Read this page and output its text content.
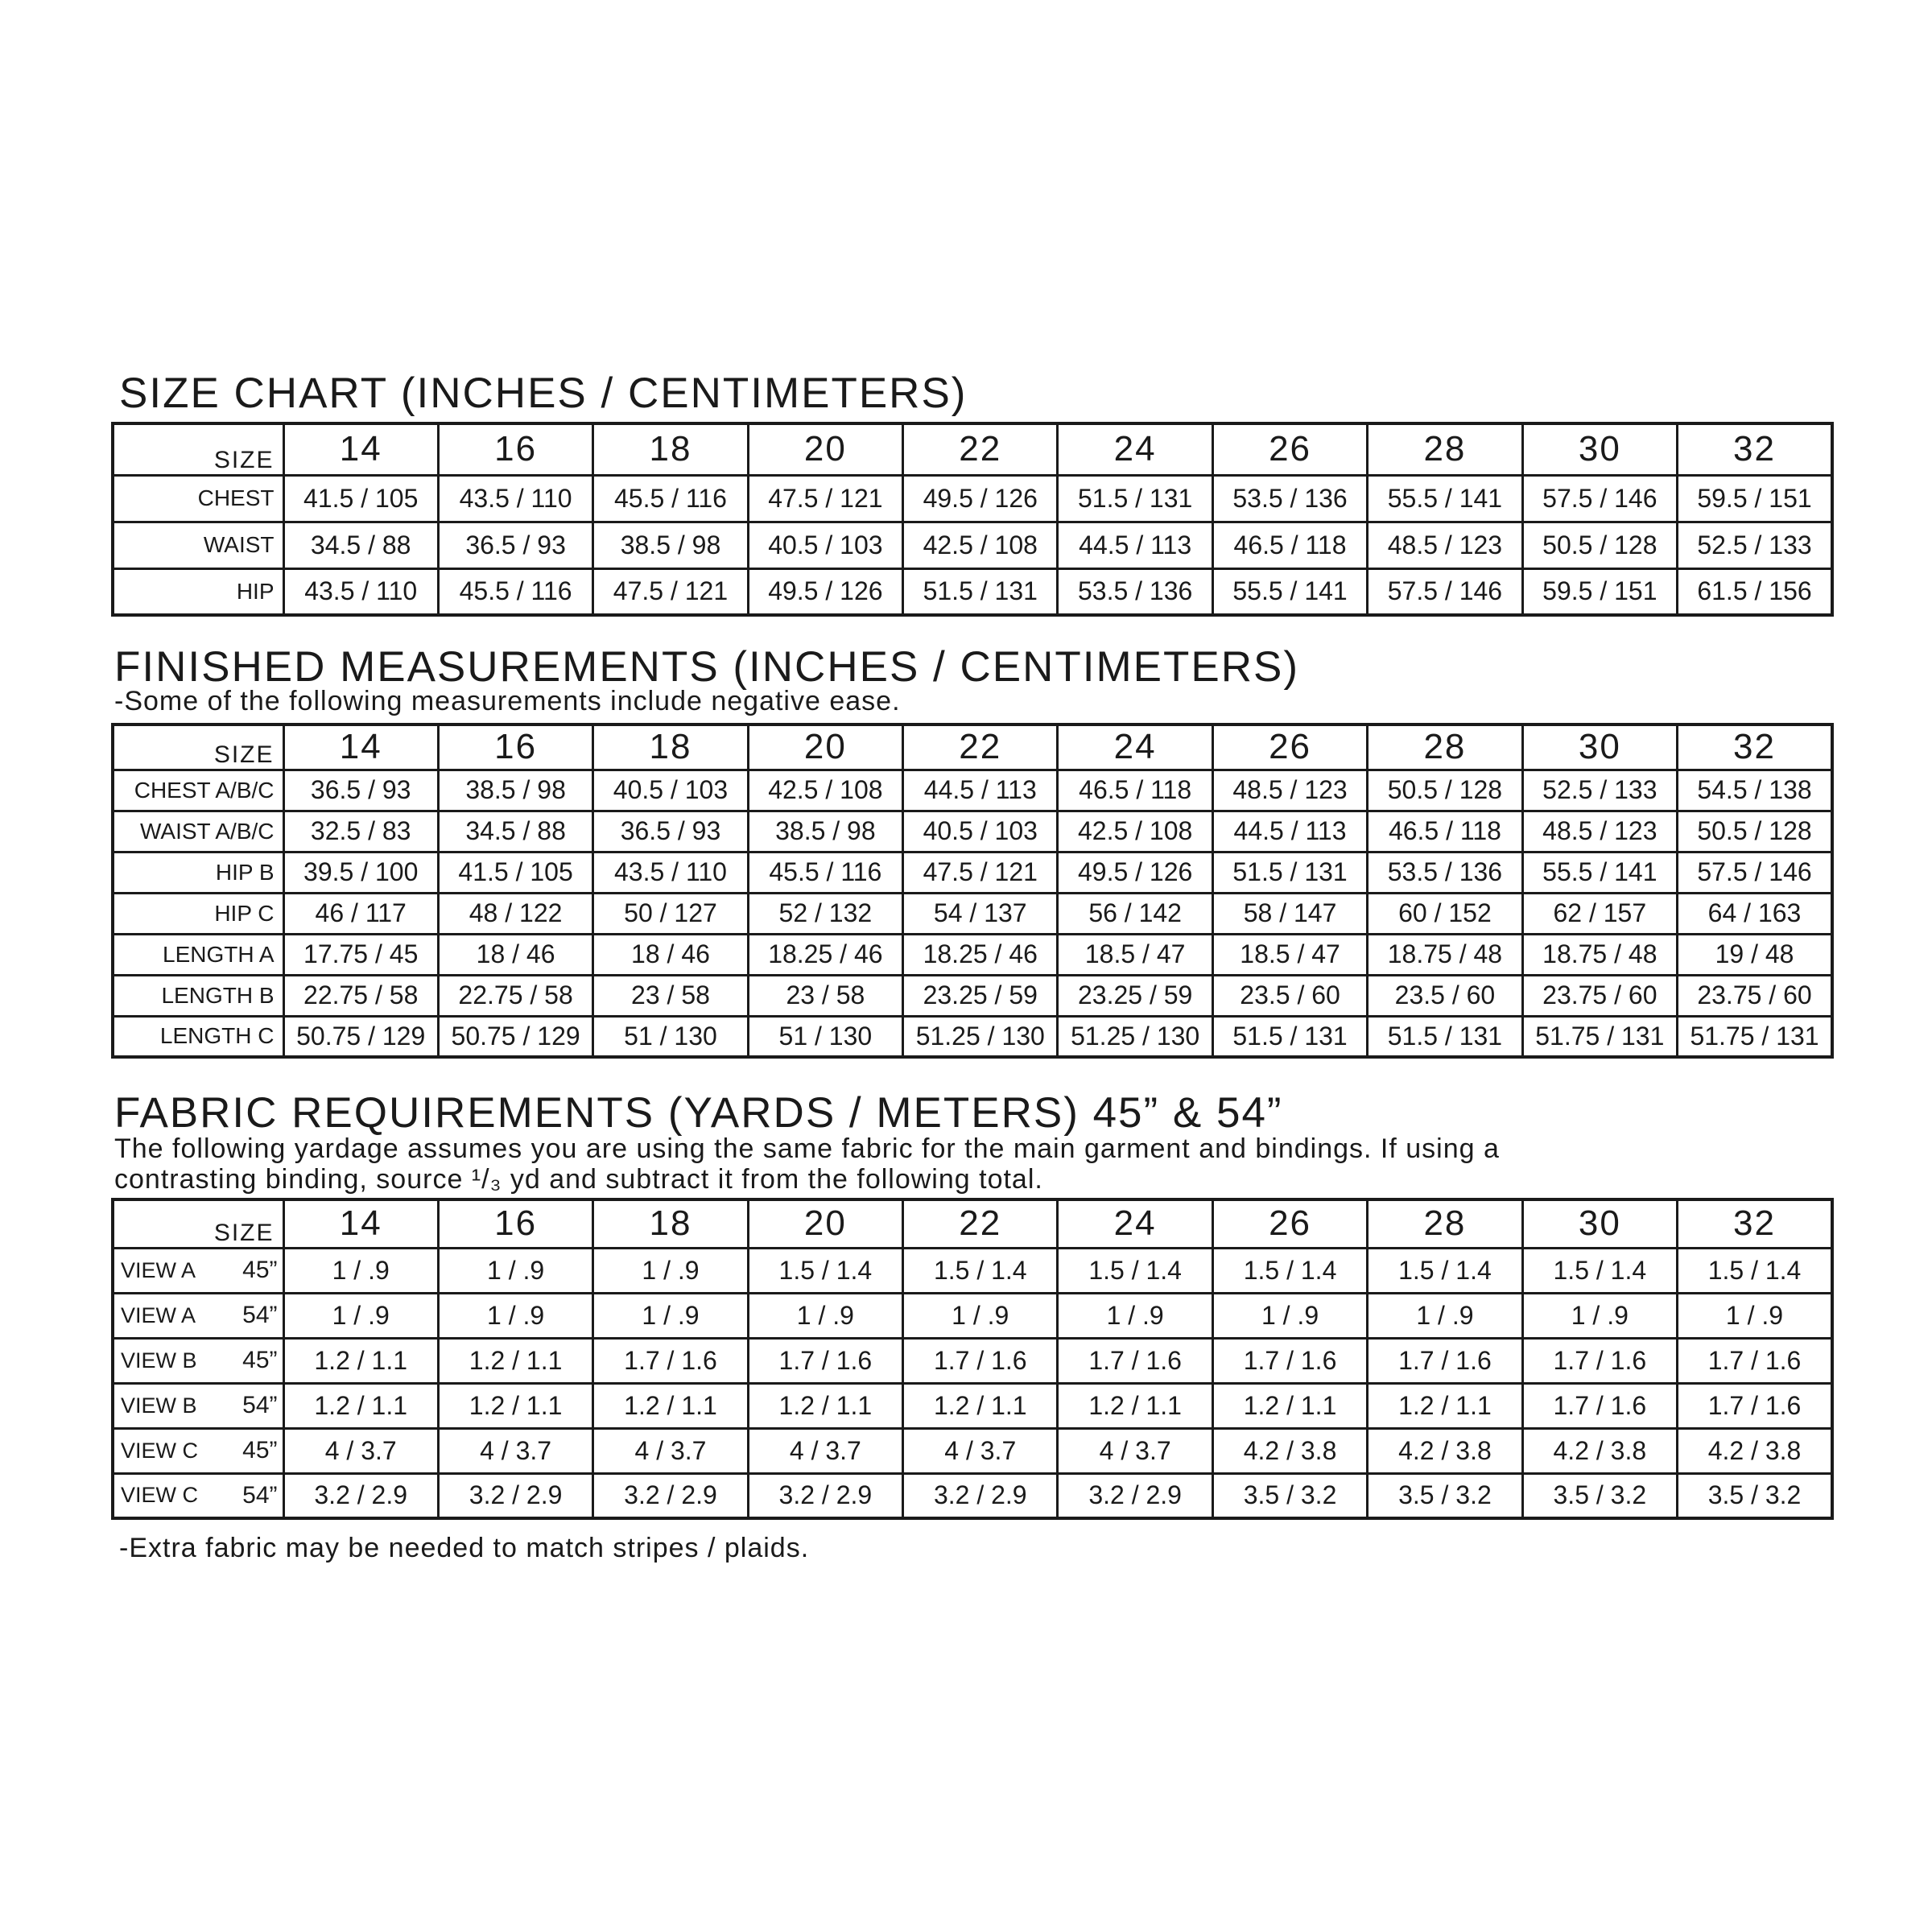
SIZE CHART (INCHES / CENTIMETERS)
SIZE	14	16	18	20	22	24	26	28	30	32
CHEST	41.5 / 105	43.5 / 110	45.5 / 116	47.5 / 121	49.5 / 126	51.5 / 131	53.5 / 136	55.5 / 141	57.5 / 146	59.5 / 151
WAIST	34.5 / 88	36.5 / 93	38.5 / 98	40.5 / 103	42.5 / 108	44.5 / 113	46.5 / 118	48.5 / 123	50.5 / 128	52.5 / 133
HIP	43.5 / 110	45.5 / 116	47.5 / 121	49.5 / 126	51.5 / 131	53.5 / 136	55.5 / 141	57.5 / 146	59.5 / 151	61.5 / 156
FINISHED MEASUREMENTS (INCHES / CENTIMETERS)

-Some of the following measurements include negative ease.

SIZE	14	16	18	20	22	24	26	28	30	32
CHEST A/B/C	36.5 / 93	38.5 / 98	40.5 / 103	42.5 / 108	44.5 / 113	46.5 / 118	48.5 / 123	50.5 / 128	52.5 / 133	54.5 / 138
WAIST A/B/C	32.5 / 83	34.5 / 88	36.5 / 93	38.5 / 98	40.5 / 103	42.5 / 108	44.5 / 113	46.5 / 118	48.5 / 123	50.5 / 128
HIP B	39.5 / 100	41.5 / 105	43.5 / 110	45.5 / 116	47.5 / 121	49.5 / 126	51.5 / 131	53.5 / 136	55.5 / 141	57.5 / 146
HIP C	46 / 117	48 / 122	50 / 127	52 / 132	54 / 137	56 / 142	58 / 147	60 / 152	62 / 157	64 / 163
LENGTH A	17.75 / 45	18 / 46	18 / 46	18.25 / 46	18.25 / 46	18.5 / 47	18.5 / 47	18.75 / 48	18.75 / 48	19 / 48
LENGTH B	22.75 / 58	22.75 / 58	23 / 58	23 / 58	23.25 / 59	23.25 / 59	23.5 / 60	23.5 / 60	23.75 / 60	23.75 / 60
LENGTH C	50.75 / 129	50.75 / 129	51 / 130	51 / 130	51.25 / 130	51.25 / 130	51.5 / 131	51.5 / 131	51.75 / 131	51.75 / 131
FABRIC REQUIREMENTS (YARDS / METERS) 45” & 54”

The following yardage assumes you are using the same fabric for the main garment and bindings. If using a

contrasting binding, source ¹/₃ yd and subtract it from the following total.

SIZE	14	16	18	20	22	24	26	28	30	32
VIEW A 45”	1 / .9	1 / .9	1 / .9	1.5 / 1.4	1.5 / 1.4	1.5 / 1.4	1.5 / 1.4	1.5 / 1.4	1.5 / 1.4	1.5 / 1.4
VIEW A 54”	1 / .9	1 / .9	1 / .9	1 / .9	1 / .9	1 / .9	1 / .9	1 / .9	1 / .9	1 / .9
VIEW B 45”	1.2 / 1.1	1.2 / 1.1	1.7 / 1.6	1.7 / 1.6	1.7 / 1.6	1.7 / 1.6	1.7 / 1.6	1.7 / 1.6	1.7 / 1.6	1.7 / 1.6
VIEW B 54”	1.2 / 1.1	1.2 / 1.1	1.2 / 1.1	1.2 / 1.1	1.2 / 1.1	1.2 / 1.1	1.2 / 1.1	1.2 / 1.1	1.7 / 1.6	1.7 / 1.6
VIEW C 45”	4 / 3.7	4 / 3.7	4 / 3.7	4 / 3.7	4 / 3.7	4 / 3.7	4.2 / 3.8	4.2 / 3.8	4.2 / 3.8	4.2 / 3.8
VIEW C 54”	3.2 / 2.9	3.2 / 2.9	3.2 / 2.9	3.2 / 2.9	3.2 / 2.9	3.2 / 2.9	3.5 / 3.2	3.5 / 3.2	3.5 / 3.2	3.5 / 3.2
-Extra fabric may be needed to match stripes / plaids.
